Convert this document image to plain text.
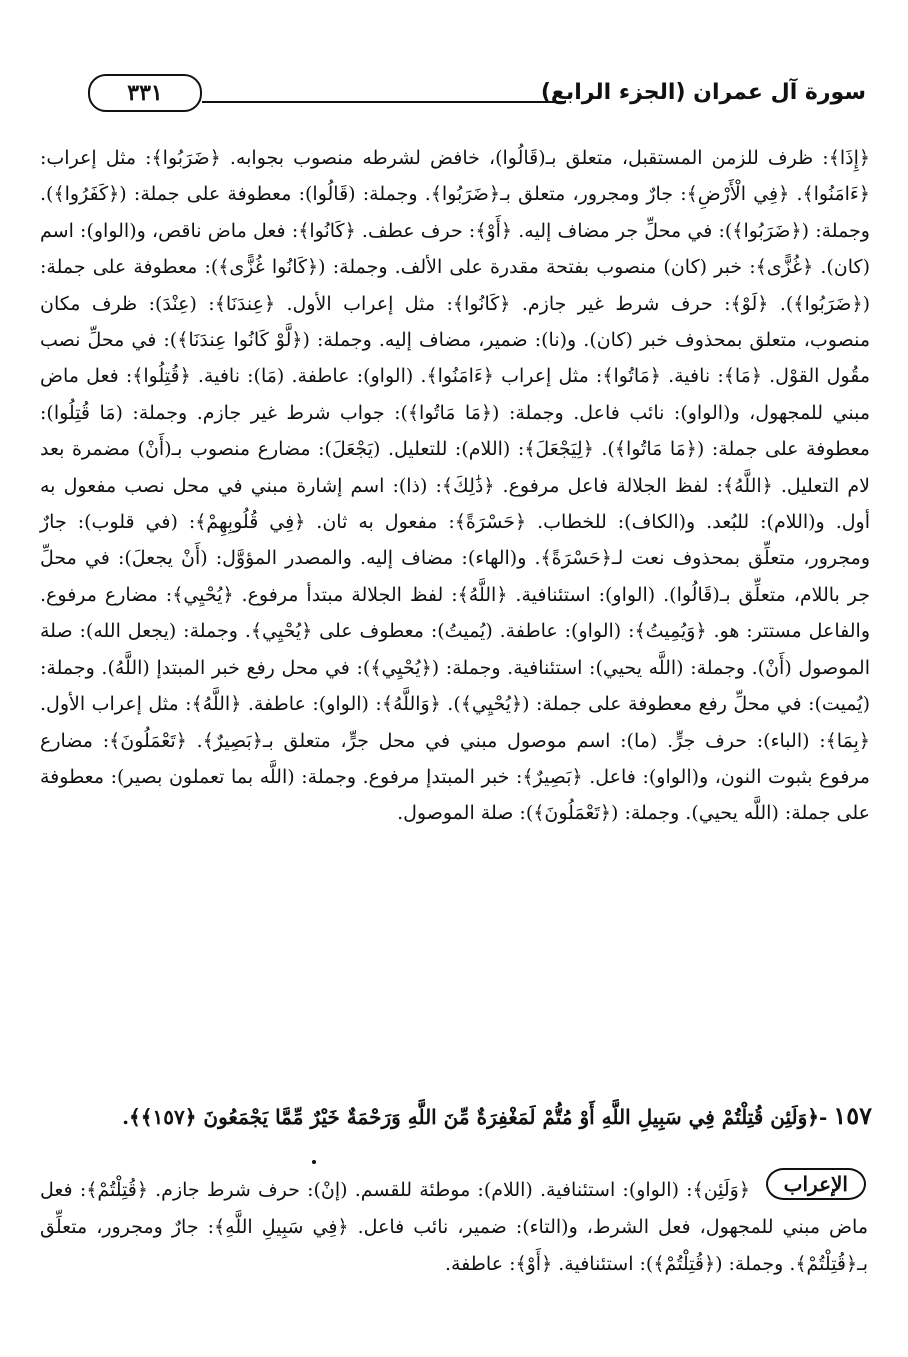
سورة آل عمران (الجزء الرابع)
٣٣١

﴿إِذَا﴾: ظرف للزمن المستقبل، متعلق بـ(قَالُوا)، خافض لشرطه منصوب بجوابه. ﴿ضَرَبُوا﴾: مثل إعراب: ﴿ءَامَنُوا﴾. ﴿فِي الْأَرْضِ﴾: جارٌ ومجرور، متعلق بـ﴿ضَرَبُوا﴾. وجملة: (قَالُوا): معطوفة على جملة: (﴿كَفَرُوا﴾). وجملة: (﴿ضَرَبُوا﴾): في محلِّ جر مضاف إليه. ﴿أَوْ﴾: حرف عطف. ﴿كَانُوا﴾: فعل ماض ناقص، و(الواو): اسم (كان). ﴿غُزًّى﴾: خبر (كان) منصوب بفتحة مقدرة على الألف. وجملة: (﴿كَانُوا غُزًّى﴾): معطوفة على جملة: (﴿ضَرَبُوا﴾). ﴿لَوْ﴾: حرف شرط غير جازم. ﴿كَانُوا﴾: مثل إعراب الأول. ﴿عِندَنَا﴾: (عِنْدَ): ظرف مكان منصوب، متعلق بمحذوف خبر (كان). و(نا): ضمير، مضاف إليه. وجملة: (﴿لَّوْ كَانُوا عِندَنَا﴾): في محلِّ نصب مقُول القوْل. ﴿مَا﴾: نافية. ﴿مَاتُوا﴾: مثل إعراب ﴿ءَامَنُوا﴾. (الواو): عاطفة. (مَا): نافية. ﴿قُتِلُوا﴾: فعل ماض مبني للمجهول، و(الواو): نائب فاعل. وجملة: (﴿مَا مَاتُوا﴾): جواب شرط غير جازم. وجملة: (مَا قُتِلُوا): معطوفة على جملة: (﴿مَا مَاتُوا﴾). ﴿لِيَجْعَلَ﴾: (اللام): للتعليل. (يَجْعَلَ): مضارع منصوب بـ(أَنْ) مضمرة بعد لام التعليل. ﴿اللَّهُ﴾: لفظ الجلالة فاعل مرفوع. ﴿ذَٰلِكَ﴾: (ذا): اسم إشارة مبني في محل نصب مفعول به أول. و(اللام): للبُعد. و(الكاف): للخطاب. ﴿حَسْرَةً﴾: مفعول به ثان. ﴿فِي قُلُوبِهِمْ﴾: (في قلوب): جارٌ ومجرور، متعلِّق بمحذوف نعت لـ﴿حَسْرَةً﴾. و(الهاء): مضاف إليه. والمصدر المؤوَّل: (أَنْ يجعلَ): في محلِّ جر باللام، متعلِّق بـ(قَالُوا). (الواو): استئنافية. ﴿اللَّهُ﴾: لفظ الجلالة مبتدأ مرفوع. ﴿يُحْيِي﴾: مضارع مرفوع. والفاعل مستتر: هو. ﴿وَيُمِيتُ﴾: (الواو): عاطفة. (يُميتُ): معطوف على ﴿يُحْيِي﴾. وجملة: (يجعل الله): صلة الموصول (أَنْ). وجملة: (اللَّه يحيي): استئنافية. وجملة: (﴿يُحْيِي﴾): في محل رفع خبر المبتدإ (اللَّهُ). وجملة: (يُميت): في محلِّ رفع معطوفة على جملة: (﴿يُحْيِي﴾). ﴿وَاللَّهُ﴾: (الواو): عاطفة. ﴿اللَّهُ﴾: مثل إعراب الأول. ﴿بِمَا﴾: (الباء): حرف جرٍّ. (ما): اسم موصول مبني في محل جرٍّ، متعلق بـ﴿بَصِيرٌ﴾. ﴿تَعْمَلُونَ﴾: مضارع مرفوع بثبوت النون، و(الواو): فاعل. ﴿بَصِيرٌ﴾: خبر المبتدإ مرفوع. وجملة: (اللَّه بما تعملون بصير): معطوفة على جملة: (اللَّه يحيي). وجملة: (﴿تَعْمَلُونَ﴾): صلة الموصول.

١٥٧-﴿وَلَئِن قُتِلْتُمْ فِي سَبِيلِ اللَّهِ أَوْ مُتُّمْ لَمَغْفِرَةٌ مِّنَ اللَّهِ وَرَحْمَةٌ خَيْرٌ مِّمَّا يَجْمَعُونَ ﴿١٥٧﴾﴾.

﴿وَلَئِن﴾: (الواو): استئنافية. (اللام): موطئة للقسم. (إنْ): حرف شرط جازم. ﴿قُتِلْتُمْ﴾: فعل ماض مبني للمجهول، فعل الشرط، و(التاء): ضمير، نائب فاعل. ﴿فِي سَبِيلِ اللَّهِ﴾: جارٌ ومجرور، متعلِّق بـ﴿قُتِلْتُمْ﴾. وجملة: (﴿قُتِلْتُمْ﴾): استئنافية. ﴿أَوْ﴾: عاطفة.

الإعراب
